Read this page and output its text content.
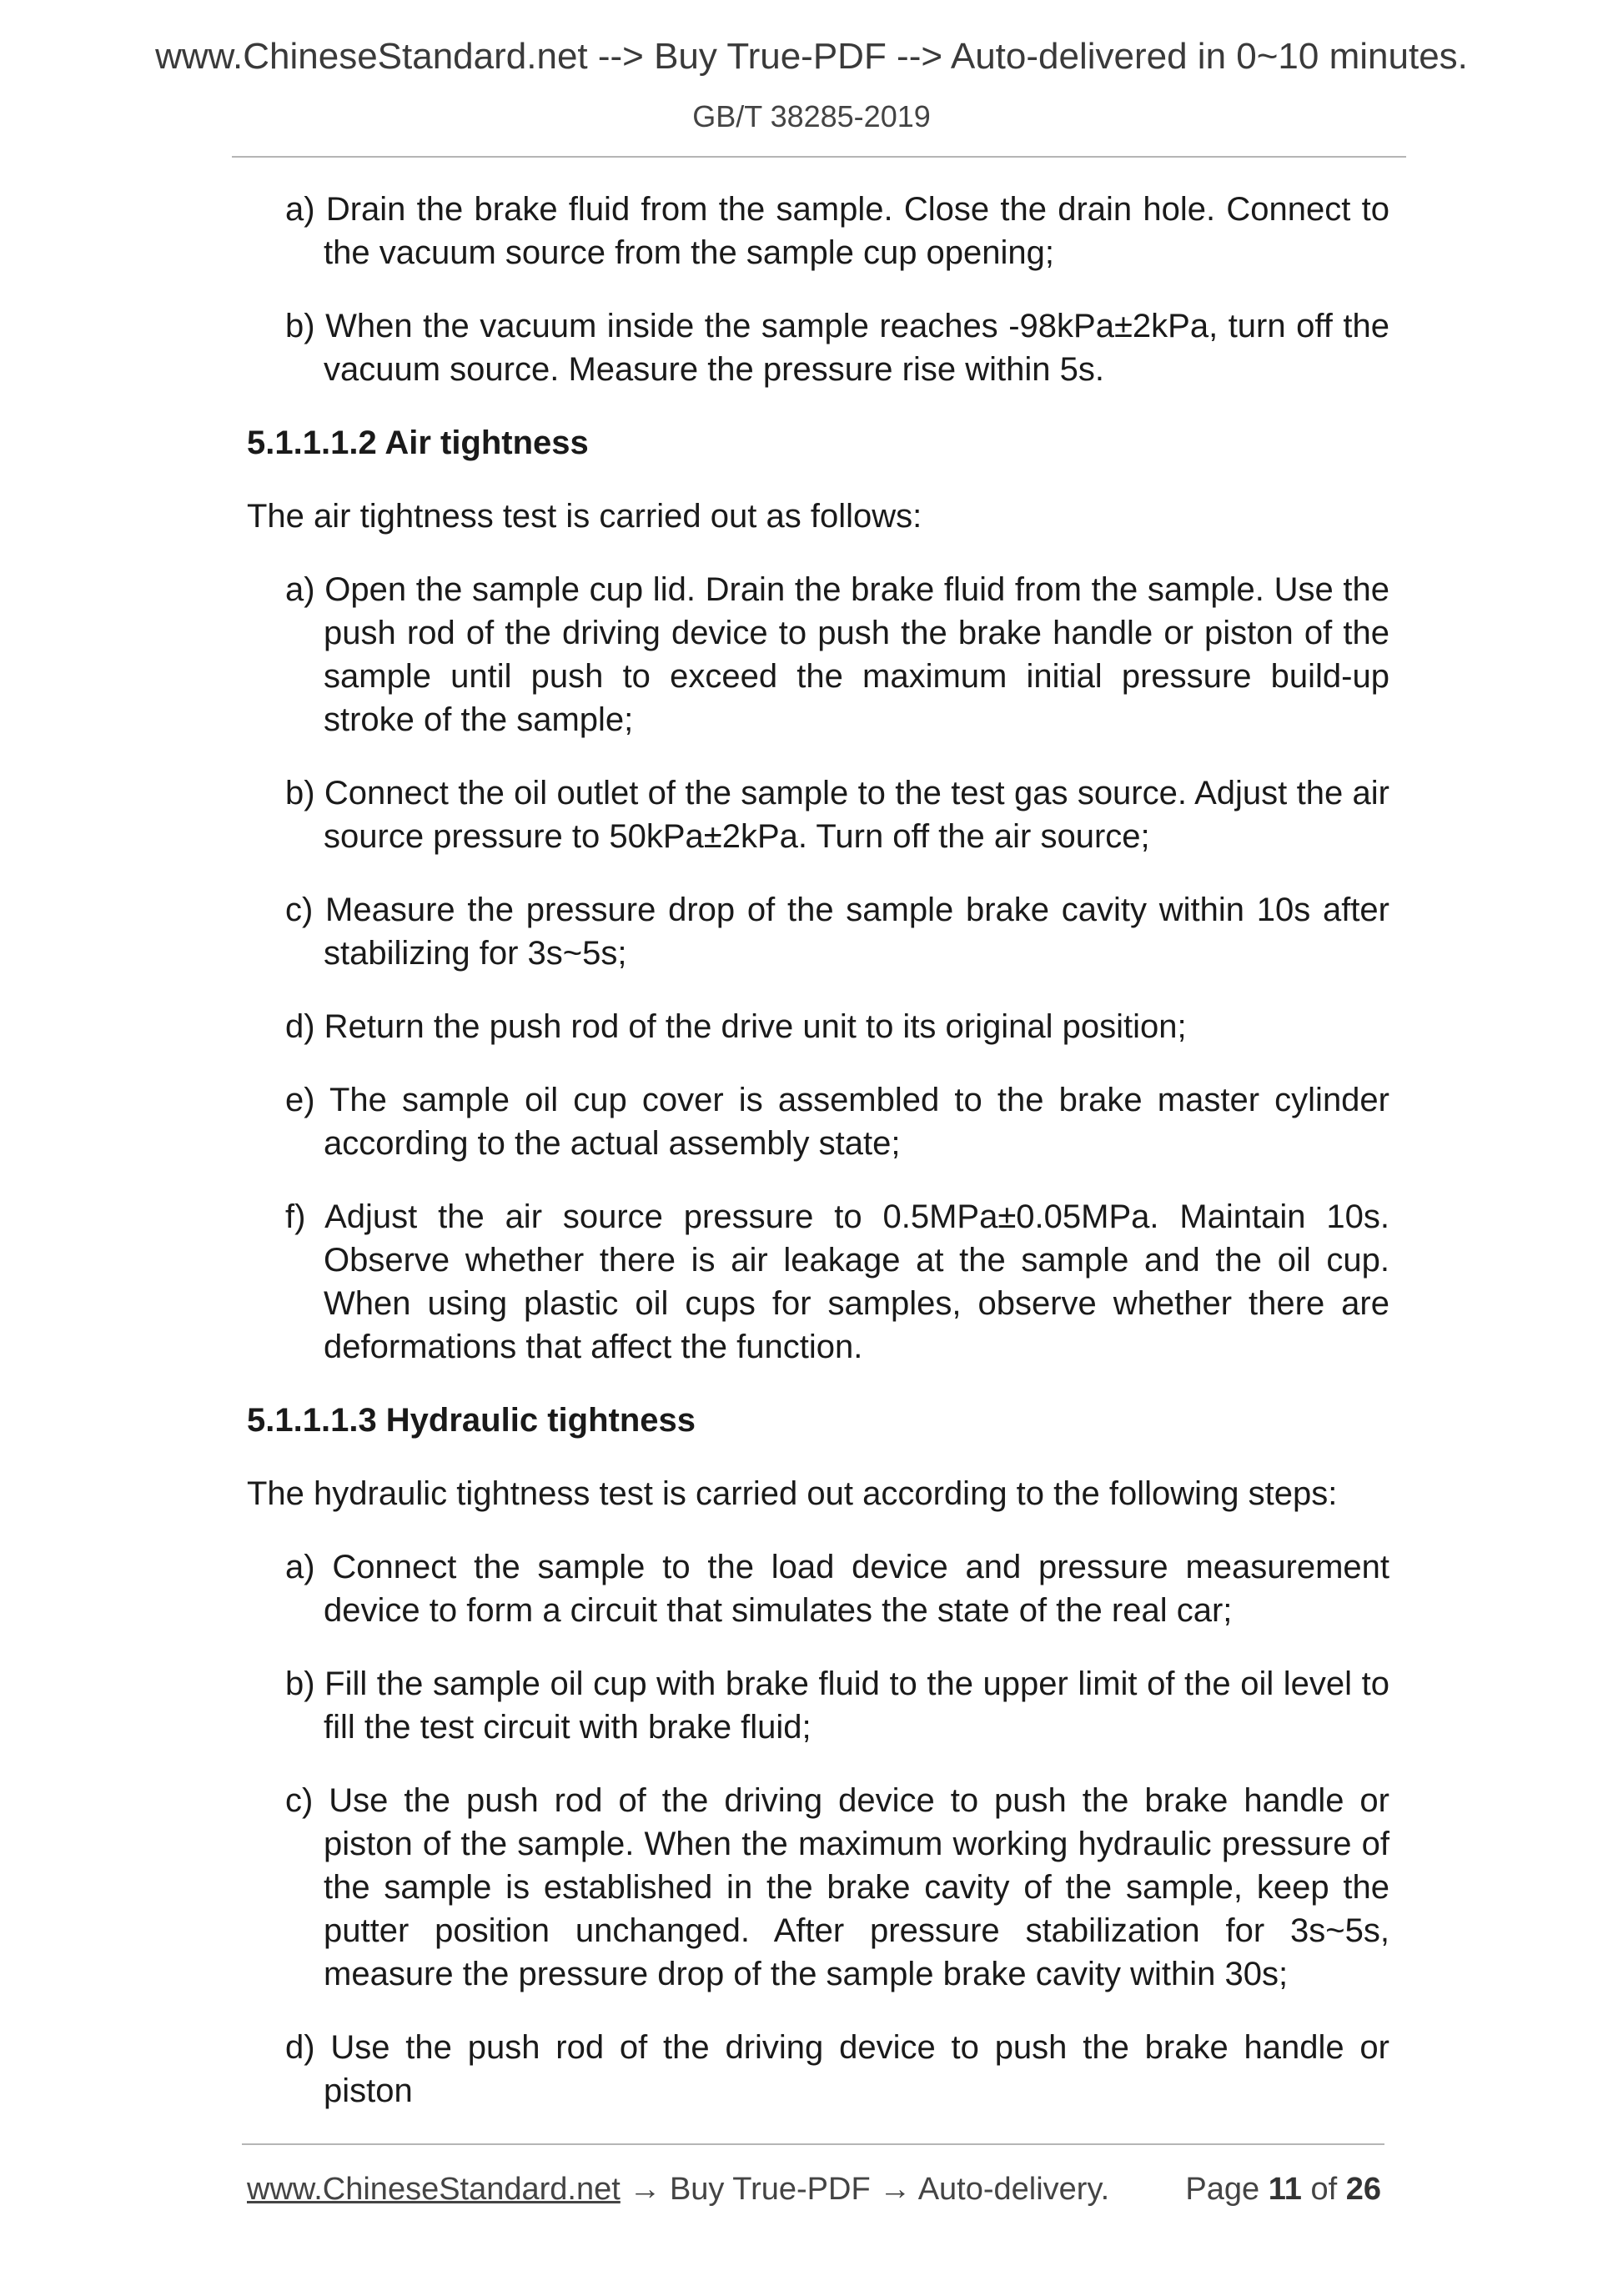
www.ChineseStandard.net --> Buy True-PDF --> Auto-delivered in 0~10 minutes.
GB/T 38285-2019
a) Drain the brake fluid from the sample. Close the drain hole. Connect to the vacuum source from the sample cup opening;
b) When the vacuum inside the sample reaches -98kPa±2kPa, turn off the vacuum source. Measure the pressure rise within 5s.
5.1.1.1.2 Air tightness
The air tightness test is carried out as follows:
a) Open the sample cup lid. Drain the brake fluid from the sample. Use the push rod of the driving device to push the brake handle or piston of the sample until push to exceed the maximum initial pressure build-up stroke of the sample;
b) Connect the oil outlet of the sample to the test gas source. Adjust the air source pressure to 50kPa±2kPa. Turn off the air source;
c) Measure the pressure drop of the sample brake cavity within 10s after stabilizing for 3s~5s;
d) Return the push rod of the drive unit to its original position;
e) The sample oil cup cover is assembled to the brake master cylinder according to the actual assembly state;
f) Adjust the air source pressure to 0.5MPa±0.05MPa. Maintain 10s. Observe whether there is air leakage at the sample and the oil cup. When using plastic oil cups for samples, observe whether there are deformations that affect the function.
5.1.1.1.3 Hydraulic tightness
The hydraulic tightness test is carried out according to the following steps:
a) Connect the sample to the load device and pressure measurement device to form a circuit that simulates the state of the real car;
b) Fill the sample oil cup with brake fluid to the upper limit of the oil level to fill the test circuit with brake fluid;
c) Use the push rod of the driving device to push the brake handle or piston of the sample. When the maximum working hydraulic pressure of the sample is established in the brake cavity of the sample, keep the putter position unchanged. After pressure stabilization for 3s~5s, measure the pressure drop of the sample brake cavity within 30s;
d) Use the push rod of the driving device to push the brake handle or piston
www.ChineseStandard.net → Buy True-PDF → Auto-delivery. Page 11 of 26
